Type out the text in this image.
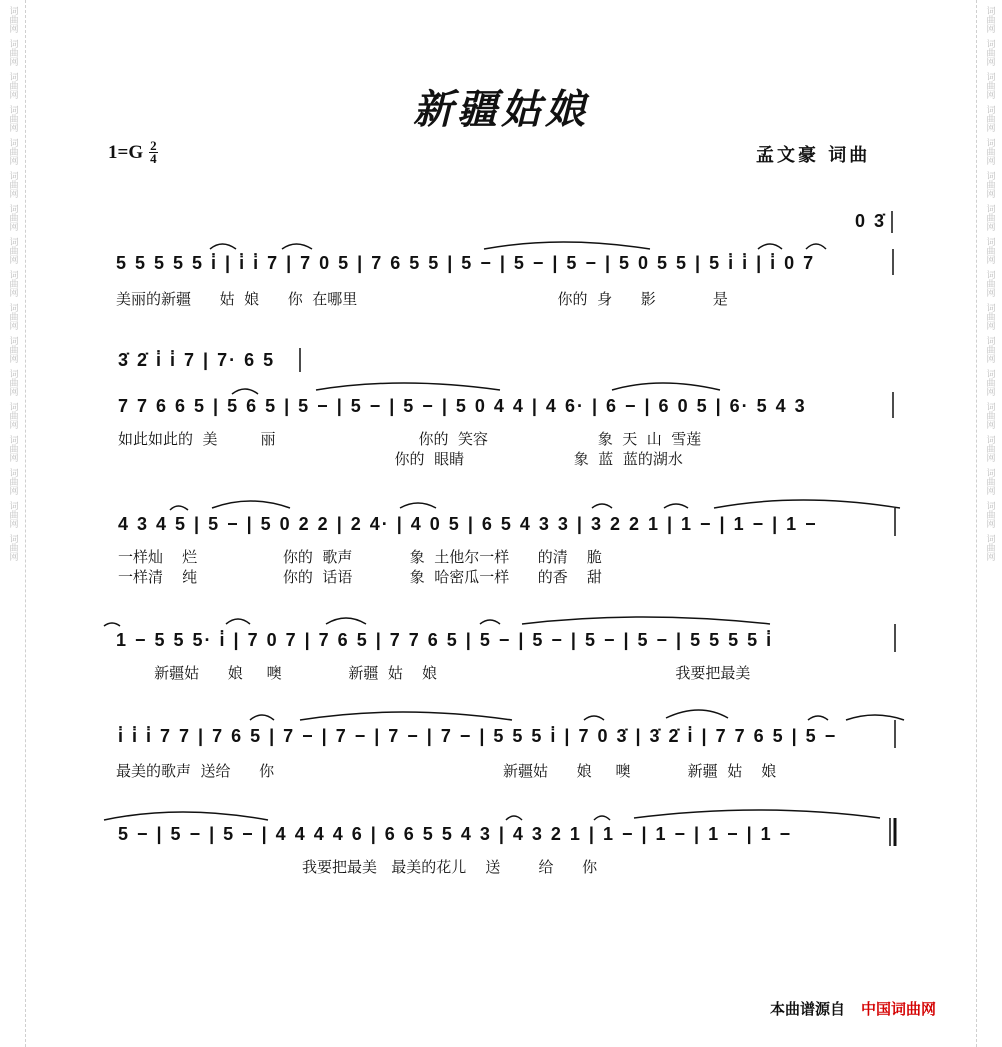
词曲网
词曲网
词曲网
词曲网
词曲网
词曲网
词曲网
词曲网
词曲网
词曲网
词曲网
词曲网
词曲网
词曲网
词曲网
词曲网
词曲网
词曲网
词曲网
词曲网
词曲网
词曲网
词曲网
词曲网
词曲网
词曲网
词曲网
词曲网
词曲网
词曲网
词曲网
词曲网
词曲网
词曲网
新疆姑娘
$1=G \frac{2}{4}$	孟文豪 词曲
0 3̇
5 5 5 5 5 i̇ | i̇ i̇ 7 | 7 0 5 | 7 6 5 5 | 5 − | 5 − | 5 − | 5 0 5 5 | 5 i̇ i̇ | i̇ 0 7
美丽的新疆      姑  娘      你  在哪里                                          你的  身      影            是
3̇ 2̇ i̇ i̇ 7 | 7· 6 5
7 7 6 6 5 | 5 6 5 | 5 − | 5 − | 5 − | 5 0 4 4 | 4 6· | 6 − | 6 0 5 | 6· 5 4 3
如此如此的  美         丽                              你的  笑容                       象  天  山  雪莲
你的  眼睛                       象  蓝  蓝的湖水
4 3 4 5 | 5 − | 5 0 2 2 | 2 4· | 4 0 5 | 6 5 4 3 3 | 3 2 2 1 | 1 − | 1 − | 1 −
一样灿    烂                  你的  歌声            象  土他尔一样      的清    脆
一样清    纯                  你的  话语            象  哈密瓜一样      的香    甜
1 − 5 5 5· i̇ | 7 0 7 | 7 6 5 | 7 7 6 5 | 5 − | 5 − | 5 − | 5 − | 5 5 5 5 i̇
新疆姑      娘     噢              新疆  姑    娘                                                  我要把最美
i̇ i̇ i̇ 7 7 | 7 6 5 | 7 − | 7 − | 7 − | 7 − | 5 5 5 i̇ | 7 0 3̇ | 3̇ 2̇ i̇ | 7 7 6 5 | 5 −
最美的歌声  送给      你                                                新疆姑      娘     噢            新疆  姑    娘
5 − | 5 − | 5 − | 4 4 4 4 6 | 6 6 5 5 4 3 | 4 3 2 1 | 1 − | 1 − | 1 − | 1 −
我要把最美   最美的花儿    送        给      你
本曲谱源自 中国词曲网
